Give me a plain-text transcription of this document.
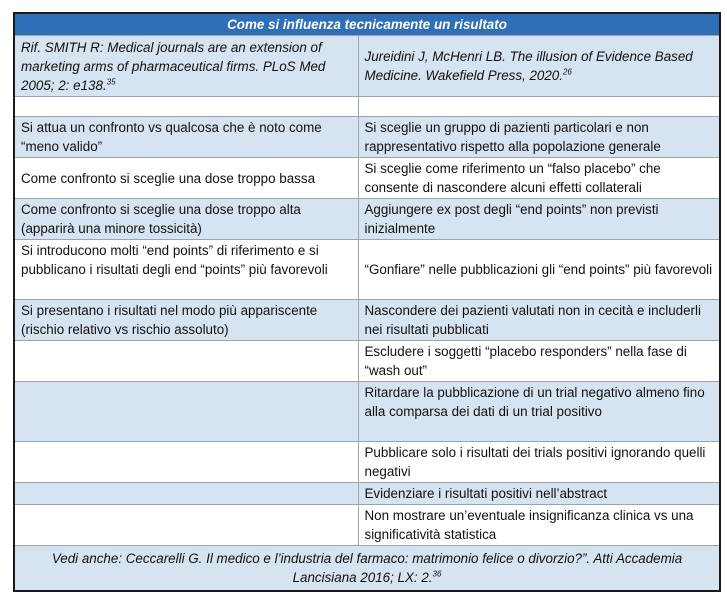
Come si influenza tecnicamente un risultato	
Rif. SMITH R: Medical journals are an extension of marketing arms of pharmaceutical firms. PLoS Med 2005; 2: e138.35	Jureidini J, McHenri LB. The illusion of Evidence Based Medicine. Wakefield Press, 2020.26

Si attua un confronto vs qualcosa che è noto come “meno valido”	Si sceglie un gruppo di pazienti particolari e non rappresentativo rispetto alla popolazione generale
Come confronto si sceglie una dose troppo bassa	Si sceglie come riferimento un “falso placebo” che consente di nascondere alcuni effetti collaterali
Come confronto si sceglie una dose troppo alta (apparirà una minore tossicità)	Aggiungere ex post degli “end points” non previsti inizialmente
Si introducono molti “end points” di riferimento e si pubblicano i risultati degli end “points” più favorevoli	“Gonfiare” nelle pubblicazioni gli “end points” più favorevoli
Si presentano i risultati nel modo più appariscente (rischio relativo vs rischio assoluto)	Nascondere dei pazienti valutati non in cecità e includerli nei risultati pubblicati
	Escludere i soggetti “placebo responders” nella fase di “wash out”
	Ritardare la pubblicazione di un trial negativo almeno fino alla comparsa dei dati di un trial positivo
	Pubblicare solo i risultati dei trials positivi ignorando quelli negativi
	Evidenziare i risultati positivi nell’abstract
	Non mostrare un’eventuale insignificanza clinica vs una significatività statistica
Vedi anche: Ceccarelli G. Il medico e l’industria del farmaco: matrimonio felice o divorzio?”. Atti Accademia Lancisiana 2016; LX: 2.36
